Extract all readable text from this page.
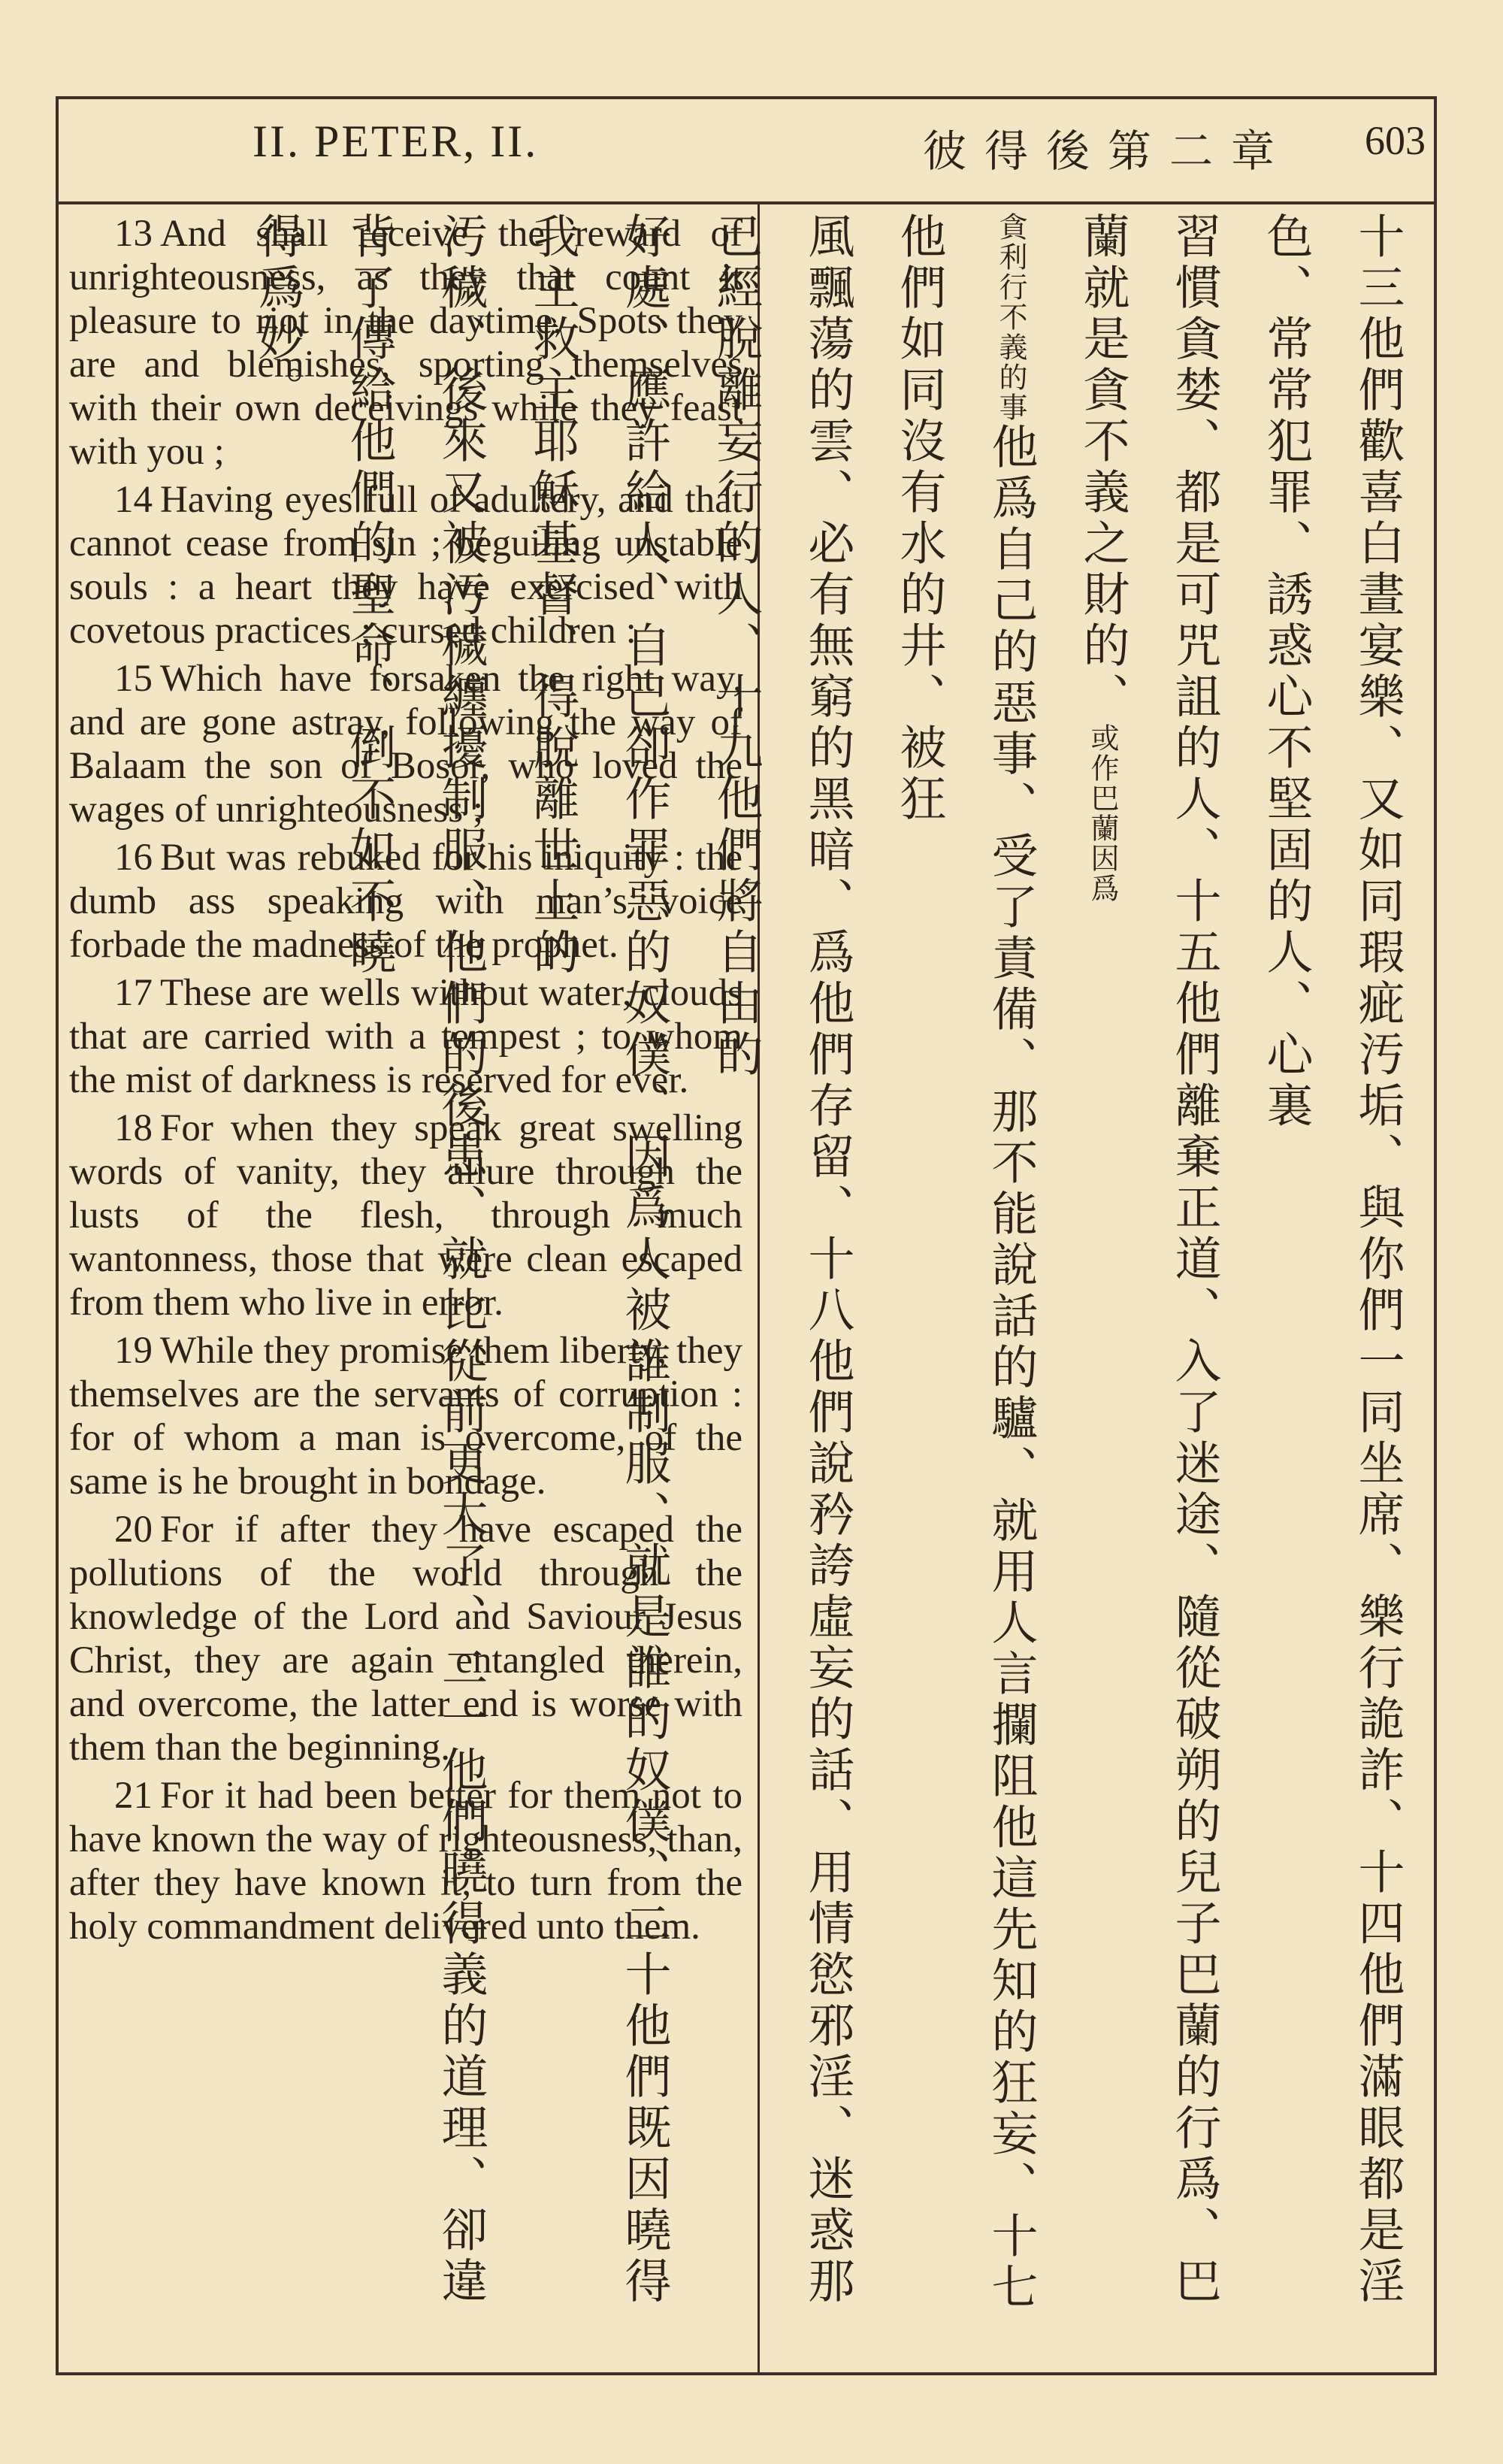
II. PETER, II.	彼得後第二章 603

13 And shall receive the reward of unrighteousness, as they that count it pleasure to riot in the daytime. Spots they are and blemishes, sporting themselves with their own deceivings while they feast with you ;

14 Having eyes full of adultery, and that cannot cease from sin ; beguiling unstable souls : a heart they have exercised with covetous practices ; cursed children :

15 Which have forsaken the right way, and are gone astray, following the way of Balaam the son of Bosor, who loved the wages of unrighteousness ;

16 But was rebuked for his iniquity : the dumb ass speaking with man’s voice forbade the madness of the prophet.

17 These are wells without water, clouds that are carried with a tempest ; to whom the mist of darkness is reserved for ever.

18 For when they speak great swelling words of vanity, they allure through the lusts of the flesh, through much wantonness, those that were clean escaped from them who live in error.

19 While they promise them liberty, they themselves are the servants of corruption : for of whom a man is overcome, of the same is he brought in bondage.

20 For if after they have escaped the pollutions of the world through the knowledge of the Lord and Saviour Jesus Christ, they are again entangled therein, and overcome, the latter end is worse with them than the beginning.

21 For it had been better for them not to have known the way of righteousness, than, after they have known it, to turn from the holy commandment delivered unto them.	十三他們歡喜白晝宴樂、又如同瑕疵汚垢、與你們一同坐席、樂行詭詐、十四他們滿眼都是淫色、常常犯罪、誘惑心不堅固的人、心裏
習慣貪婪、都是可咒詛的人、十五他們離棄正道、入了迷途、隨從破朔的兒子巴蘭的行爲、巴蘭就是貪不義之財的、或作巴蘭因爲
貪利行不義的事他爲自己的惡事、受了責備、那不能說話的驢、就用人言攔阻他這先知的狂妄、十七他們如同沒有水的井、被狂
風飄蕩的雲、必有無窮的黑暗、爲他們存留、十八他們說矜誇虛妄的話、用情慾邪淫、迷惑那已經脫離妄行的人、十九他們將自由的
好處、應許給人、自己卻作罪惡的奴僕、因爲人被誰制服、就是誰的奴僕、二十他們既因曉得我主救主耶穌基督、得脫離世上的
汚穢、後來又被汚穢纏擾制服、他們的後患、就比從前更大了、二一他們曉得義的道理、卻違背了傳給他們的聖命、倒不如不曉
得爲妙。
